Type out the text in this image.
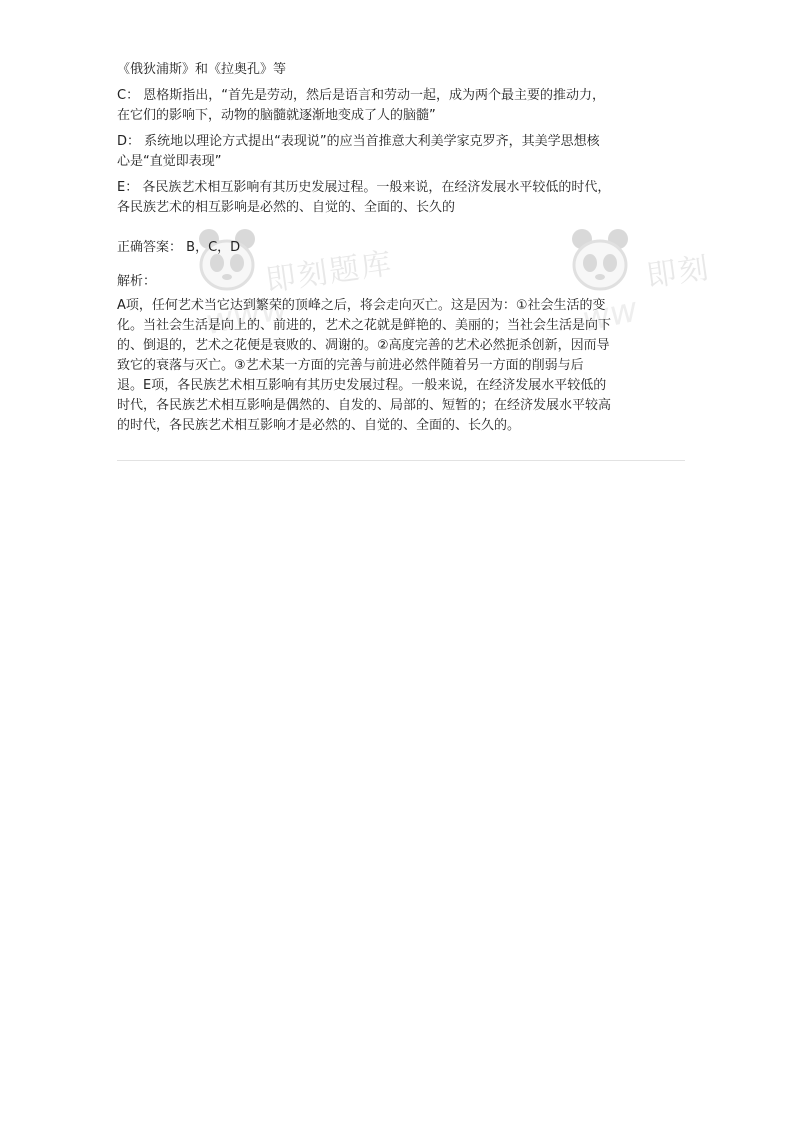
即刻题库
www
即刻
ww

《俄狄浦斯》和《拉奥孔》等

C： 恩格斯指出，“首先是劳动，然后是语言和劳动一起，成为两个最主要的推动力，

在它们的影响下，动物的脑髓就逐渐地变成了人的脑髓”

D： 系统地以理论方式提出“表现说”的应当首推意大利美学家克罗齐，其美学思想核

心是“直觉即表现”

E： 各民族艺术相互影响有其历史发展过程。一般来说，在经济发展水平较低的时代，

各民族艺术的相互影响是必然的、自觉的、全面的、长久的

正确答案： B，C，D

解析：

A项，任何艺术当它达到繁荣的顶峰之后，将会走向灭亡。这是因为：①社会生活的变

化。当社会生活是向上的、前进的，艺术之花就是鲜艳的、美丽的；当社会生活是向下

的、倒退的，艺术之花便是衰败的、凋谢的。②高度完善的艺术必然扼杀创新，因而导

致它的衰落与灭亡。③艺术某一方面的完善与前进必然伴随着另一方面的削弱与后

退。E项，各民族艺术相互影响有其历史发展过程。一般来说，在经济发展水平较低的

时代，各民族艺术相互影响是偶然的、自发的、局部的、短暂的；在经济发展水平较高

的时代，各民族艺术相互影响才是必然的、自觉的、全面的、长久的。
